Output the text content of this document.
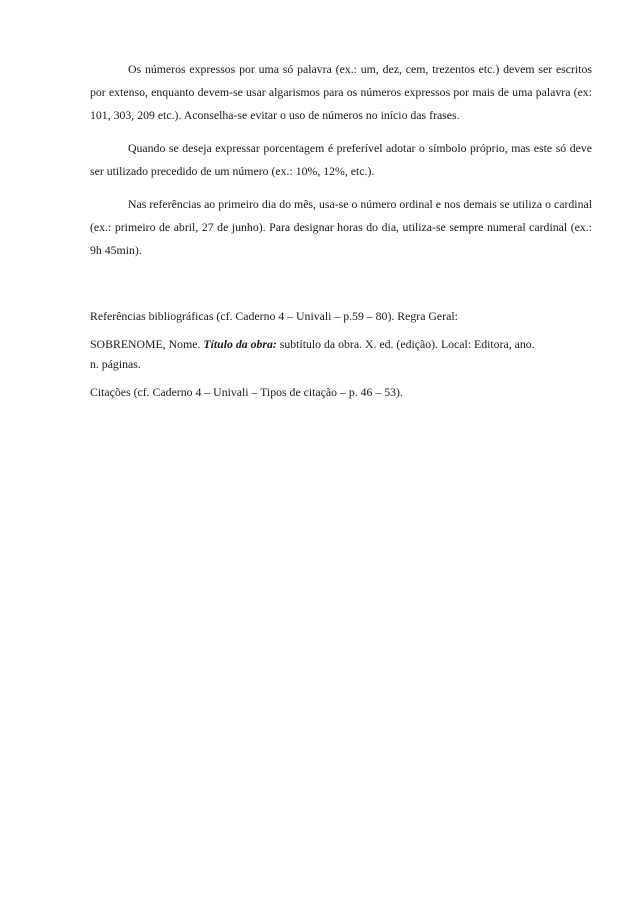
Os números expressos por uma só palavra (ex.: um, dez, cem, trezentos etc.) devem ser escritos por extenso, enquanto devem-se usar algarismos para os números expressos por mais de uma palavra (ex: 101, 303, 209 etc.). Aconselha-se evitar o uso de números no início das frases.

Quando se deseja expressar porcentagem é preferível adotar o símbolo próprio, mas este só deve ser utilizado precedido de um número (ex.: 10%, 12%, etc.).

Nas referências ao primeiro dia do mês, usa-se o número ordinal e nos demais se utiliza o cardinal (ex.: primeiro de abril, 27 de junho). Para designar horas do dia, utiliza-se sempre numeral cardinal (ex.: 9h 45min).

Referências bibliográficas (cf. Caderno 4 – Univali – p.59 – 80). Regra Geral:

SOBRENOME, Nome. Título da obra: subtítulo da obra. X. ed. (edição). Local: Editora, ano.

n. páginas.

Citações (cf. Caderno 4 – Univali – Tipos de citação – p. 46 – 53).
